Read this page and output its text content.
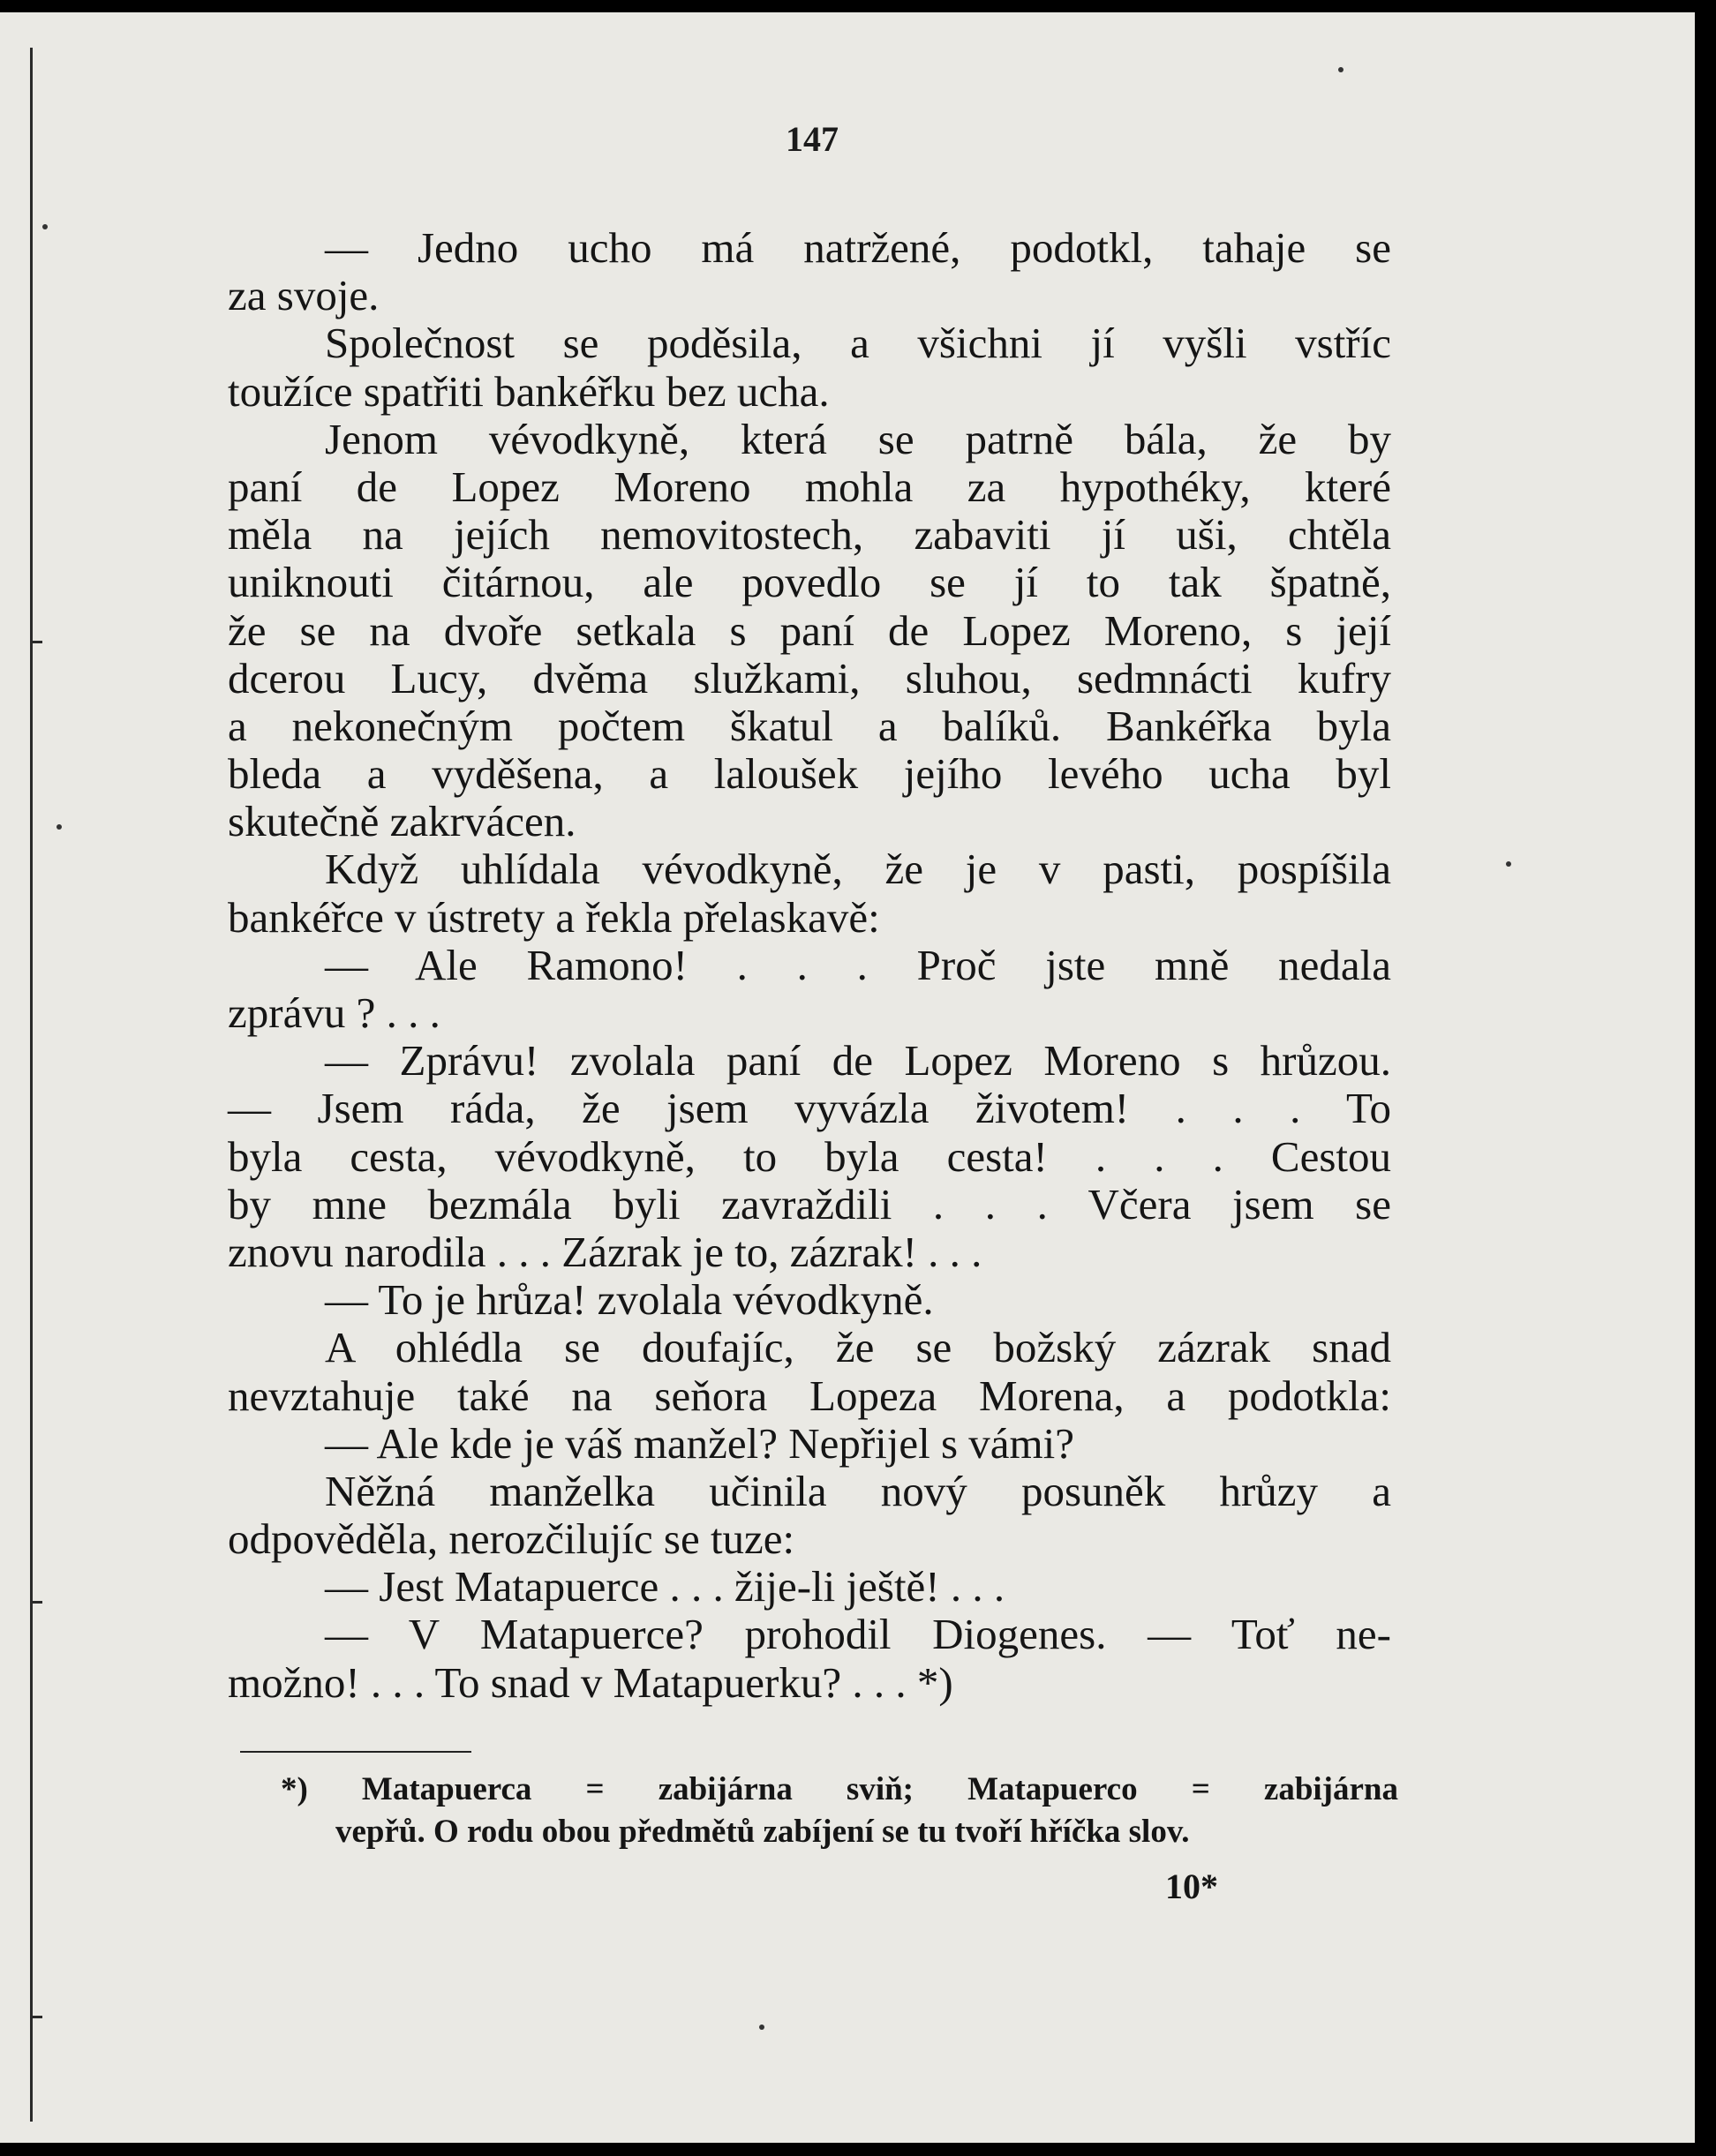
147
— Jedno ucho má natržené, podotkl, tahaje se
za svoje.
Společnost se poděsila, a všichni jí vyšli vstříc
toužíce spatřiti bankéřku bez ucha.
Jenom vévodkyně, která se patrně bála, že by
paní de Lopez Moreno mohla za hypothéky, které
měla na jejích nemovitostech, zabaviti jí uši, chtěla
uniknouti čitárnou, ale povedlo se jí to tak špatně,
že se na dvoře setkala s paní de Lopez Moreno, s její
dcerou Lucy, dvěma služkami, sluhou, sedmnácti kufry
a nekonečným počtem škatul a balíků. Bankéřka byla
bleda a vyděšena, a laloušek jejího levého ucha byl
skutečně zakrvácen.
Když uhlídala vévodkyně, že je v pasti, pospíšila
bankéřce v ústrety a řekla přelaskavě:
— Ale Ramono! . . . Proč jste mně nedala
zprávu ? . . .
— Zprávu! zvolala paní de Lopez Moreno s hrůzou.
— Jsem ráda, že jsem vyvázla životem! . . . To
byla cesta, vévodkyně, to byla cesta! . . . Cestou
by mne bezmála byli zavraždili . . . Včera jsem se
znovu narodila . . . Zázrak je to, zázrak! . . .
— To je hrůza! zvolala vévodkyně.
A ohlédla se doufajíc, že se božský zázrak snad
nevztahuje také na seňora Lopeza Morena, a podotkla:
— Ale kde je váš manžel? Nepřijel s vámi?
Něžná manželka učinila nový posuněk hrůzy a
odpověděla, nerozčilujíc se tuze:
— Jest Matapuerce . . . žije-li ještě! . . .
— V Matapuerce? prohodil Diogenes. — Toť ne-
možno! . . . To snad v Matapuerku? . . . *)
*) Matapuerca = zabijárna sviň; Matapuerco = zabijárna
vepřů. O rodu obou předmětů zabíjení se tu tvoří hříčka slov.
10*
